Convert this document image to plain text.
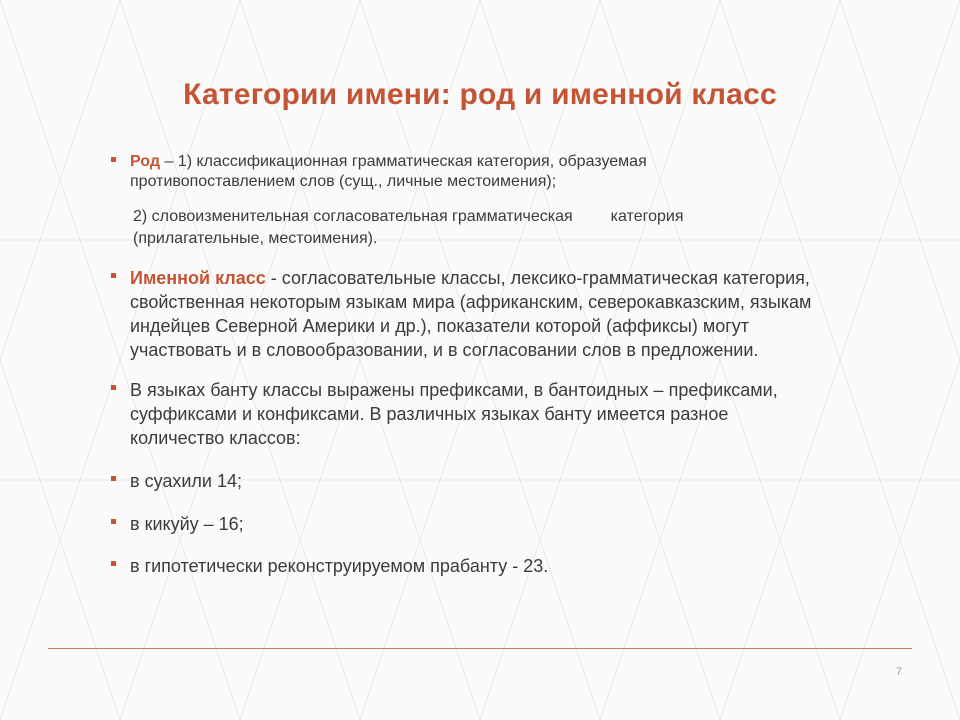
Категории имени: род и именной класс
Род – 1) классификационная грамматическая категория, образуемая
противопоставлением слов (сущ., личные местоимения);
2) словоизменительная согласовательная грамматическая категория
(прилагательные, местоимения).
Именной класс - согласовательные классы, лексико-грамматическая категория,
свойственная некоторым языкам мира (африканским, северокавказским, языкам
индейцев Северной Америки и др.), показатели которой (аффиксы) могут
участвовать и в словообразовании, и в согласовании слов в предложении.
В языках банту классы выражены префиксами, в бантоидных – префиксами,
суффиксами и конфиксами. В различных языках банту имеется разное
количество классов:
в суахили 14;
в кикуйу – 16;
в гипотетически реконструируемом прабанту - 23.
7
